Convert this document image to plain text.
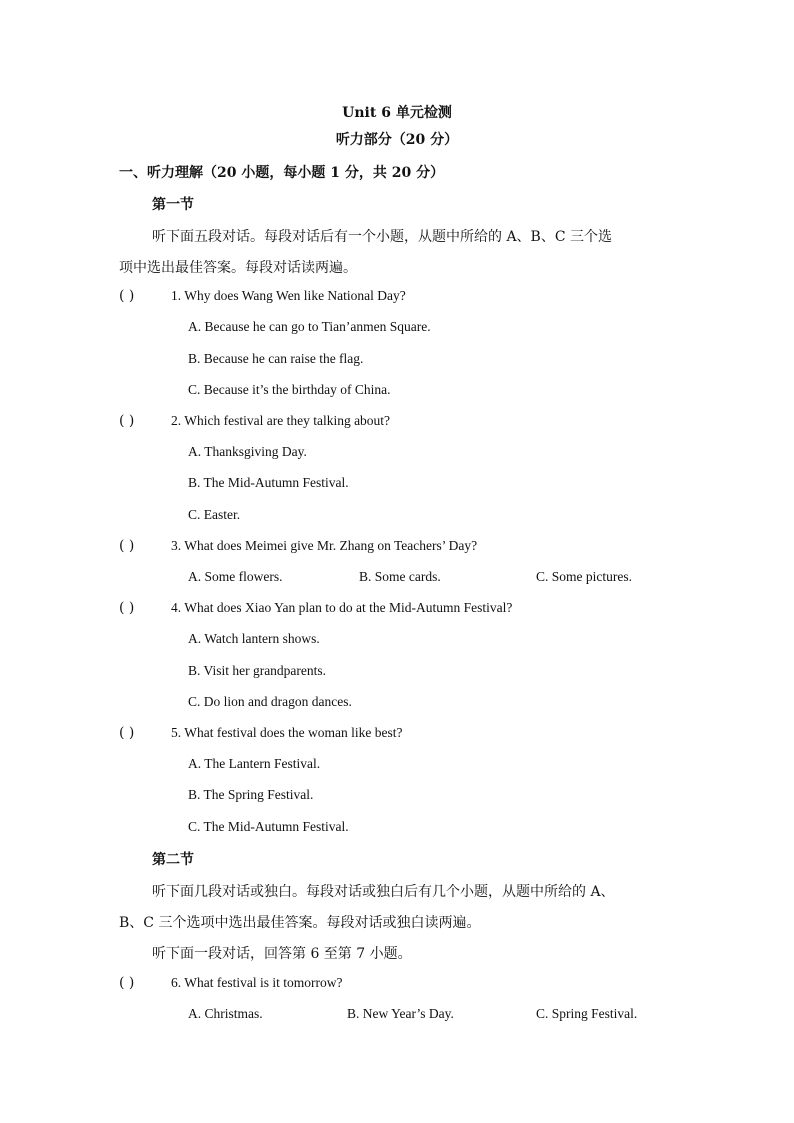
Unit 6 单元检测
听力部分（20 分）
一、听力理解（20 小题，每小题 1 分，共 20 分）
第一节
听下面五段对话。每段对话后有一个小题，从题中所给的 A、B、C 三个选
项中选出最佳答案。每段对话读两遍。
( )	1. Why does Wang Wen like National Day?
A. Because he can go to Tian’anmen Square.
B. Because he can raise the flag.
C. Because it’s the birthday of China.
( )	2. Which festival are they talking about?
A. Thanksgiving Day.
B. The Mid-Autumn Festival.
C. Easter.
( )	3. What does Meimei give Mr. Zhang on Teachers’ Day?
A. Some flowers.	B. Some cards.	C. Some pictures.
( )	4. What does Xiao Yan plan to do at the Mid-Autumn Festival?
A. Watch lantern shows.
B. Visit her grandparents.
C. Do lion and dragon dances.
( )	5. What festival does the woman like best?
A. The Lantern Festival.
B. The Spring Festival.
C. The Mid-Autumn Festival.
第二节
听下面几段对话或独白。每段对话或独白后有几个小题，从题中所给的 A、
B、C 三个选项中选出最佳答案。每段对话或独白读两遍。
听下面一段对话，回答第 6 至第 7 小题。
( )	6. What festival is it tomorrow?
A. Christmas.	B. New Year’s Day.	C. Spring Festival.
